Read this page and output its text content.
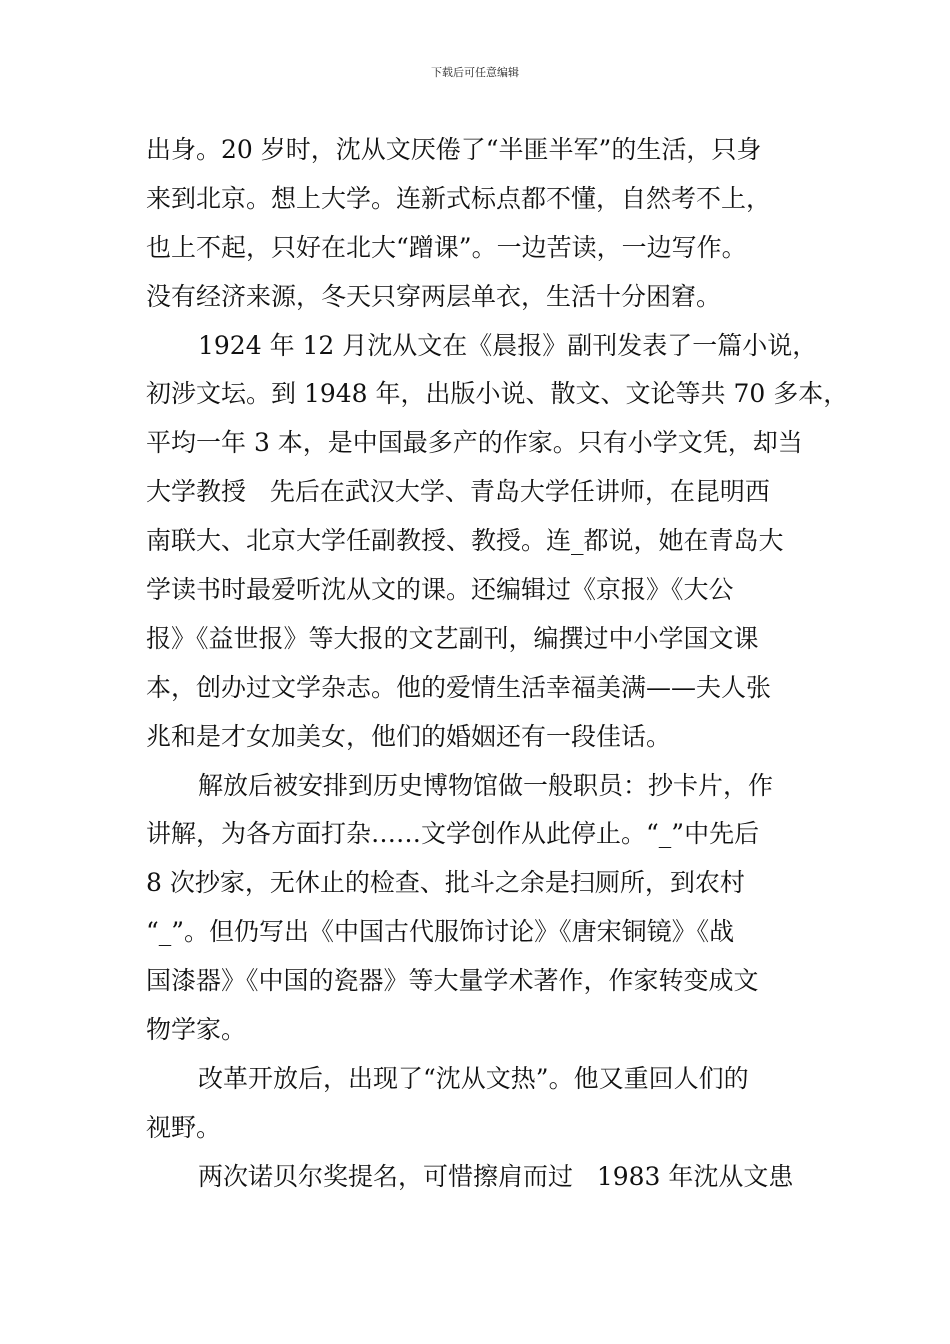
下载后可任意编辑
出身。20 岁时，沈从文厌倦了“半匪半军”的生活，只身
来到北京。想上大学。连新式标点都不懂，自然考不上，
也上不起，只好在北大“蹭课”。一边苦读，一边写作。
没有经济来源，冬天只穿两层单衣，生活十分困窘。
1924 年 12 月沈从文在《晨报》副刊发表了一篇小说，
初涉文坛。到 1948 年，出版小说、散文、文论等共 70 多本，
平均一年 3 本，是中国最多产的作家。只有小学文凭，却当
大学教授   先后在武汉大学、青岛大学任讲师，在昆明西
南联大、北京大学任副教授、教授。连_都说，她在青岛大
学读书时最爱听沈从文的课。还编辑过《京报》《大公
报》《益世报》等大报的文艺副刊，编撰过中小学国文课
本，创办过文学杂志。他的爱情生活幸福美满——夫人张
兆和是才女加美女，他们的婚姻还有一段佳话。
解放后被安排到历史博物馆做一般职员：抄卡片，作
讲解，为各方面打杂……文学创作从此停止。“_”中先后
8 次抄家，无休止的检查、批斗之余是扫厕所，到农村
“_”。但仍写出《中国古代服饰讨论》《唐宋铜镜》《战
国漆器》《中国的瓷器》等大量学术著作，作家转变成文
物学家。
改革开放后，出现了“沈从文热”。他又重回人们的
视野。
两次诺贝尔奖提名，可惜擦肩而过   1983 年沈从文患
